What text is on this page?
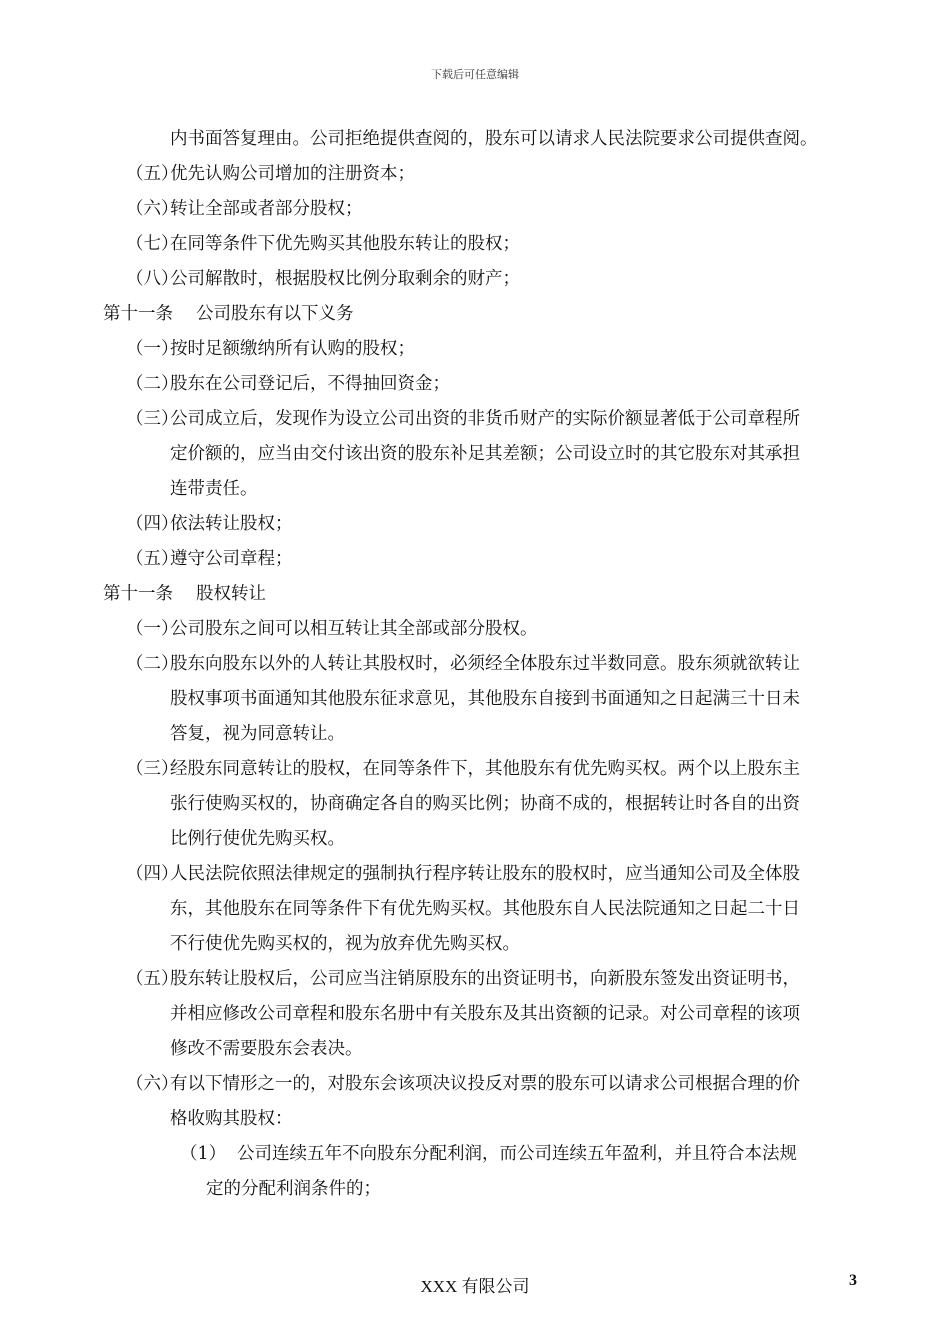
下载后可任意编辑
（五）
（六）
（七）
（八）
（一）
（二）
（三）
（四）
（五）
（一）
（二）
（三）
（四）
（五）
（六）
（1）
内书面答复理由。公司拒绝提供查阅的，股东可以请求人民法院要求公司提供查阅。
优先认购公司增加的注册资本；
转让全部或者部分股权；
在同等条件下优先购买其他股东转让的股权；
公司解散时，根据股权比例分取剩余的财产；
第十一条　 公司股东有以下义务
按时足额缴纳所有认购的股权；
股东在公司登记后，不得抽回资金；
公司成立后，发现作为设立公司出资的非货币财产的实际价额显著低于公司章程所
定价额的，应当由交付该出资的股东补足其差额；公司设立时的其它股东对其承担
连带责任。
依法转让股权；
遵守公司章程；
第十一条　 股权转让
公司股东之间可以相互转让其全部或部分股权。
股东向股东以外的人转让其股权时，必须经全体股东过半数同意。股东须就欲转让
股权事项书面通知其他股东征求意见，其他股东自接到书面通知之日起满三十日未
答复，视为同意转让。
经股东同意转让的股权，在同等条件下，其他股东有优先购买权。两个以上股东主
张行使购买权的，协商确定各自的购买比例；协商不成的，根据转让时各自的出资
比例行使优先购买权。
人民法院依照法律规定的强制执行程序转让股东的股权时，应当通知公司及全体股
东，其他股东在同等条件下有优先购买权。其他股东自人民法院通知之日起二十日
不行使优先购买权的，视为放弃优先购买权。
股东转让股权后，公司应当注销原股东的出资证明书，向新股东签发出资证明书，
并相应修改公司章程和股东名册中有关股东及其出资额的记录。对公司章程的该项
修改不需要股东会表决。
有以下情形之一的，对股东会该项决议投反对票的股东可以请求公司根据合理的价
格收购其股权：
公司连续五年不向股东分配利润，而公司连续五年盈利，并且符合本法规
定的分配利润条件的；
XXX 有限公司	3
